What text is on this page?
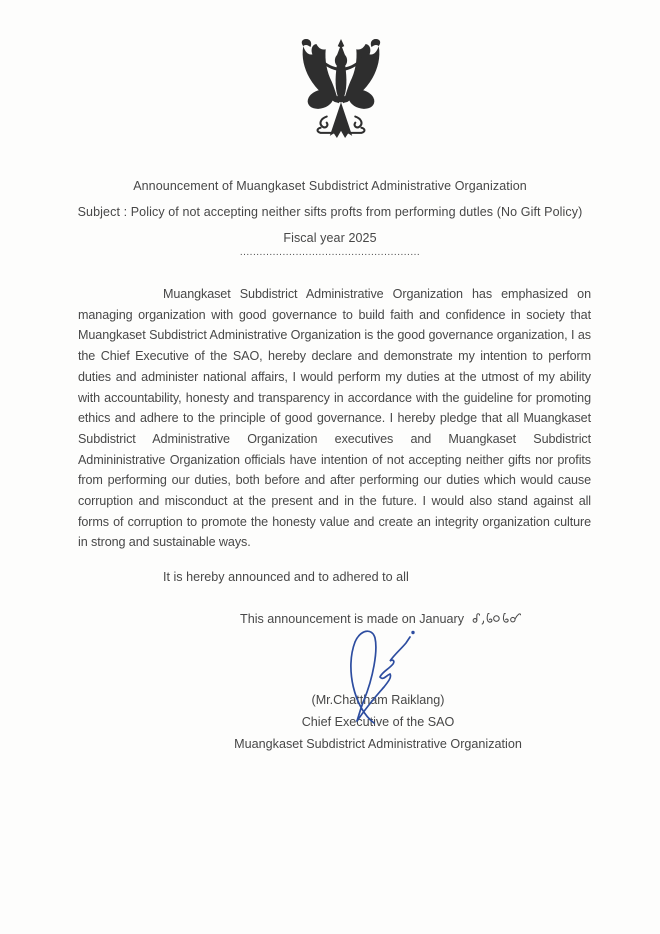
Announcement of Muangkaset Subdistrict Administrative Organization
Subject : Policy of not accepting neither sifts profts from performing dutles (No Gift Policy)
Fiscal year 2025
.......................................................

Muangkaset Subdistrict Administrative Organization has emphasized on managing organization with good governance to build faith and confidence in society that Muangkaset Subdistrict Administrative Organization is the good governance organization, I as the Chief Executive of the SAO, hereby declare and demonstrate my intention to perform duties and administer national affairs, I would perform my duties at the utmost of my ability with accountability, honesty and transparency in accordance with the guideline for promoting ethics and adhere to the principle of good governance. I hereby pledge that all Muangkaset Subdistrict Administrative Organization executives and Muangkaset Subdistrict Admininistrative Organization officials have intention of not accepting neither gifts nor profits from performing our duties, both before and after performing our duties which would cause corruption and misconduct at the present and in the future. I would also stand against all forms of corruption to promote the honesty value and create an integrity organization culture in strong and sustainable ways.

It is hereby announced and to adhered to all
This announcement is made on January
(Mr.Chattham Raiklang)
Chief Executive of the SAO
Muangkaset Subdistrict Administrative Organization
